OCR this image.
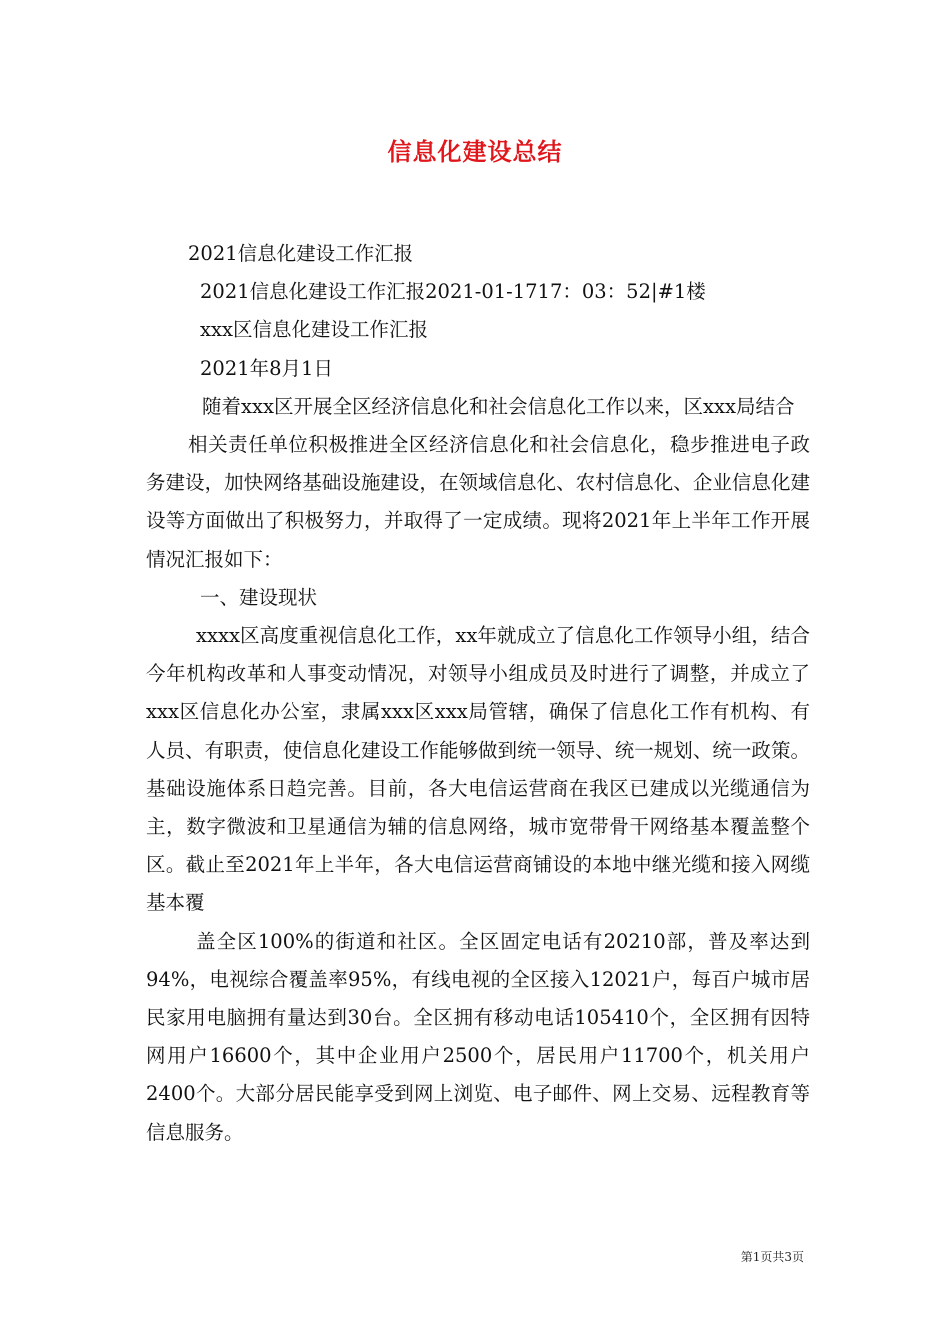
信息化建设总结

2021信息化建设工作汇报

2021信息化建设工作汇报2021-01-1717：03：52|#1楼

xxx区信息化建设工作汇报

2021年8月1日

随着xxx区开展全区经济信息化和社会信息化工作以来，区xxx局结合

相关责任单位积极推进全区经济信息化和社会信息化，稳步推进电子政务建设，加快网络基础设施建设，在领域信息化、农村信息化、企业信息化建设等方面做出了积极努力，并取得了一定成绩。现将2021年上半年工作开展情况汇报如下：

一、建设现状

xxxx区高度重视信息化工作，xx年就成立了信息化工作领导小组，结合今年机构改革和人事变动情况，对领导小组成员及时进行了调整，并成立了xxx区信息化办公室，隶属xxx区xxx局管辖，确保了信息化工作有机构、有人员、有职责，使信息化建设工作能够做到统一领导、统一规划、统一政策。基础设施体系日趋完善。目前，各大电信运营商在我区已建成以光缆通信为主，数字微波和卫星通信为辅的信息网络，城市宽带骨干网络基本覆盖整个区。截止至2021年上半年，各大电信运营商铺设的本地中继光缆和接入网缆基本覆

盖全区100%的街道和社区。全区固定电话有20210部，普及率达到94%，电视综合覆盖率95%，有线电视的全区接入12021户，每百户城市居民家用电脑拥有量达到30台。全区拥有移动电话105410个，全区拥有因特网用户16600个，其中企业用户2500个，居民用户11700个，机关用户2400个。大部分居民能享受到网上浏览、电子邮件、网上交易、远程教育等信息服务。

第1页共3页
